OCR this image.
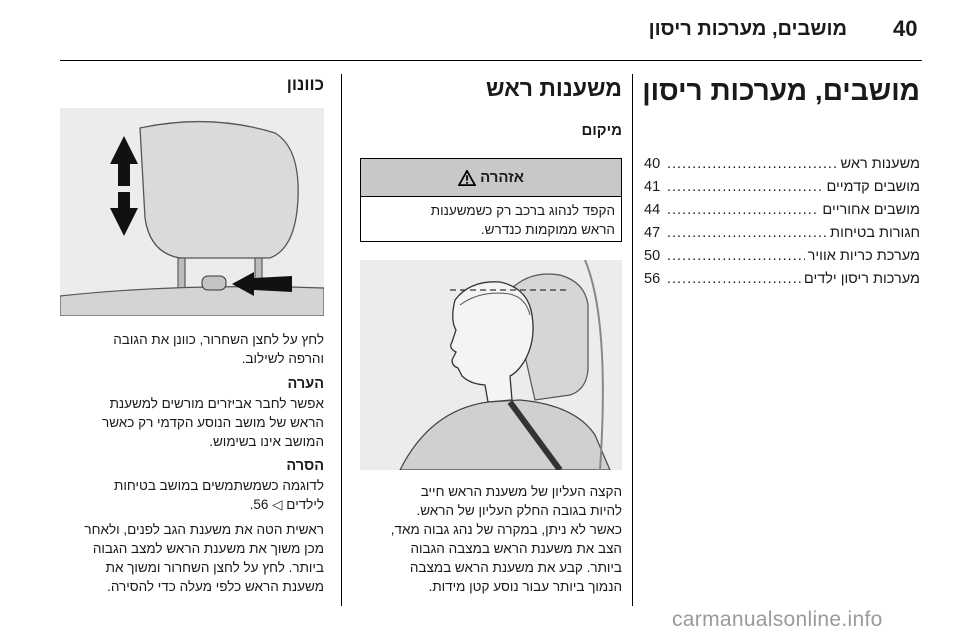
40
מושבים, מערכות ריסון
מושבים, מערכות ריסון
משענות ראש
.....
40
מושבים קדמיים
.....
41
מושבים אחוריים
.....
44
חגורות בטיחות
.....
47
מערכת כריות אוויר
.....
50
מערכות ריסון ילדים
.....
56
משענות ראש
מיקום
אזהרה
הקפד לנהוג ברכב רק כשמשענות
הראש ממוקמות כנדרש.
הקצה העליון של משענת הראש חייב
להיות בגובה החלק העליון של הראש.
כאשר לא ניתן, במקרה של נהג גבוה מאד,
הצב את משענת הראש במצבה הגבוה
ביותר. קבע את משענת הראש במצבה
הנמוך ביותר עבור נוסע קטן מידות.
כוונון
לחץ על לחצן השחרור, כוונן את הגובה
והרפה לשילוב.
הערה
אפשר לחבר אביזרים מורשים למשענת
הראש של מושב הנוסע הקדמי רק כאשר
המושב אינו בשימוש.
הסרה
לדוגמה כשמשתמשים במושב בטיחות
לילדים ◁ 56.
ראשית הטה את משענת הגב לפנים, ולאחר
מכן משוך את משענת הראש למצב הגבוה
ביותר. לחץ על לחצן השחרור ומשוך את
משענת הראש כלפי מעלה כדי להסירה.
carmanualsonline.info
